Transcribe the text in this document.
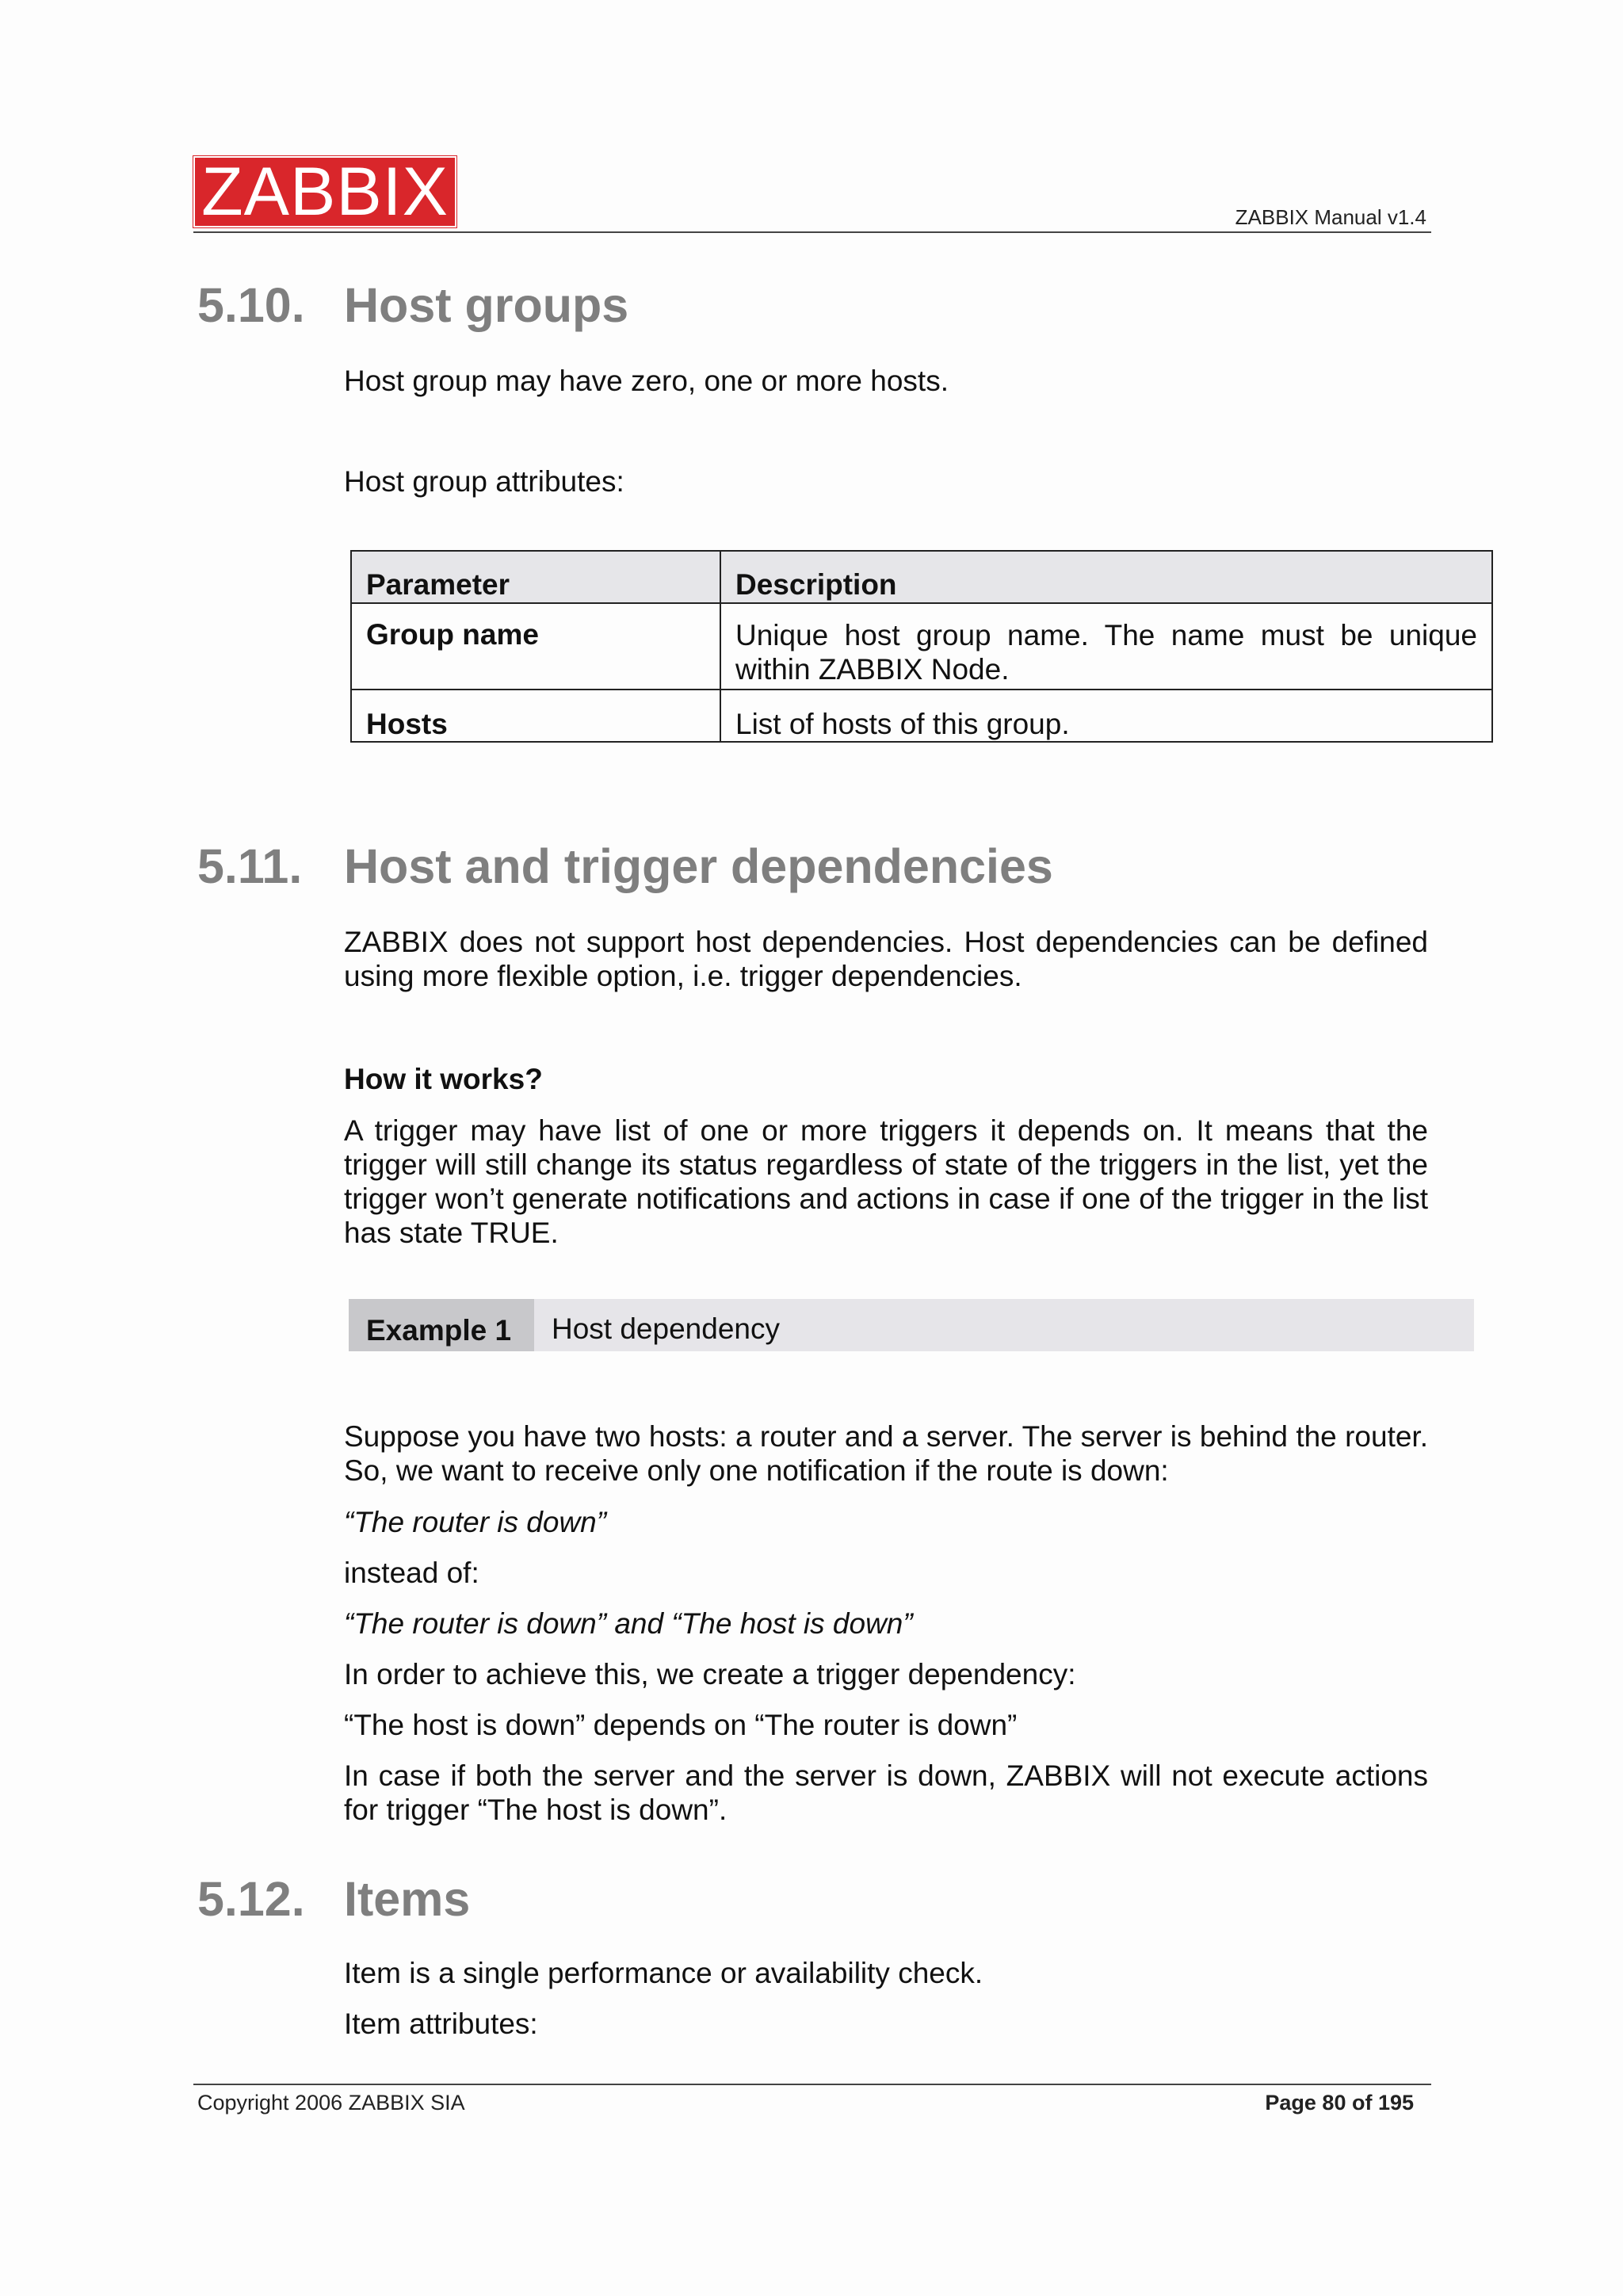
ZABBIX	ZABBIX Manual v1.4
5.10. Host groups
Host group may have zero, one or more hosts.
Host group attributes:
Parameter	Description
Group name	Unique host group name. The name must be unique within ZABBIX Node.
Hosts	List of hosts of this group.
5.11. Host and trigger dependencies
ZABBIX does not support host dependencies. Host dependencies can be defined using more flexible option, i.e. trigger dependencies.
How it works?
A trigger may have list of one or more triggers it depends on. It means that the trigger will still change its status regardless of state of the triggers in the list, yet the trigger won’t generate notifications and actions in case if one of the trigger in the list has state TRUE.
Example 1	Host dependency
Suppose you have two hosts: a router and a server. The server is behind the router. So, we want to receive only one notification if the route is down:
“The router is down”
instead of:
“The router is down” and “The host is down”
In order to achieve this, we create a trigger dependency:
“The host is down” depends on “The router is down”
In case if both the server and the server is down, ZABBIX will not execute actions for trigger “The host is down”.
5.12. Items
Item is a single performance or availability check.
Item attributes:
Copyright 2006 ZABBIX SIA	Page 80 of 195
